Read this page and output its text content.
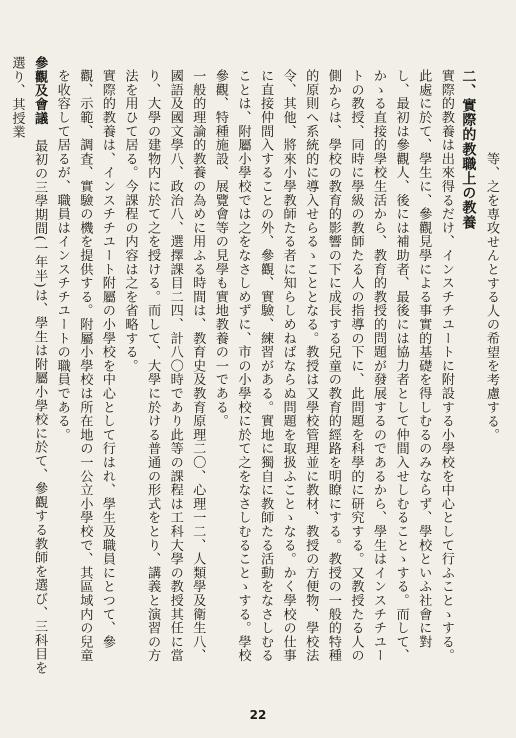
等、之を専攻せんとする人の希望を考慮する。

二、實際的教職上の教養

實際的教養は出來得るだけ、インスチチユートに附設する小學校を中心として行ふことゝする。此處に於て、學生に、參觀見學による事實的基礎を得しむるのみならず、學校といふ社會に對し、最初は參觀人、後には補助者、最後には協力者として仲間入せしむることゝする。而して、かゝる直接的學校生活から、教育的教授的問題が發展するのであるから、學生はインスチチユートの教授、同時に學級の教師たる人の指導の下に、此問題を科學的に研究する。又教授たる人の側からは、學校の教育的影響の下に成長する兒童の教育的經路を明瞭にする。教授の一般的特種的原則へ系統的に導入せらるゝこととなる。教授は又學校管理並に教材、教授の方便物、學校法令、其他、將來小學教師たる者に知らしめねばならぬ問題を取扱ふことゝなる。かく學校の仕事に直接仲間入することの外、參觀、實驗、練習がある。實地に獨自に教師たる活動をなさしむることは、附屬小學校では之をなさしめずに、市の小學校に於て之をなさしむることゝする。學校參觀、特種施設、展覽會等の見學も實地教養の一である。

一般的理論的教養の為めに用ふる時間は、教育史及教育原理二〇、心理一二、人類學及衛生八、國語及國文學八、政治八、選擇課目二四、計八〇時であり此等の課程は工科大學の教授其任に當り、大學の建物内に於て之を授ける。而して、大學に於ける普通の形式をとり、講義と演習の方法を用ひて居る。今課程の内容は之を省略する。

實際的教養は、インスチチユート附屬の小學校を中心として行はれ、學生及職員にとつて、參觀、示範、調査、實驗の機を提供する。附屬小學校は所在地の一公立小學校で、其區域内の兒童を收容して居るが、職員はインスチチユートの職員である。

參觀及會議　最初の三學期間(一年半)は、學生は附屬小學校に於て、參觀する教師を選び、三科目を選り、其授業

22
